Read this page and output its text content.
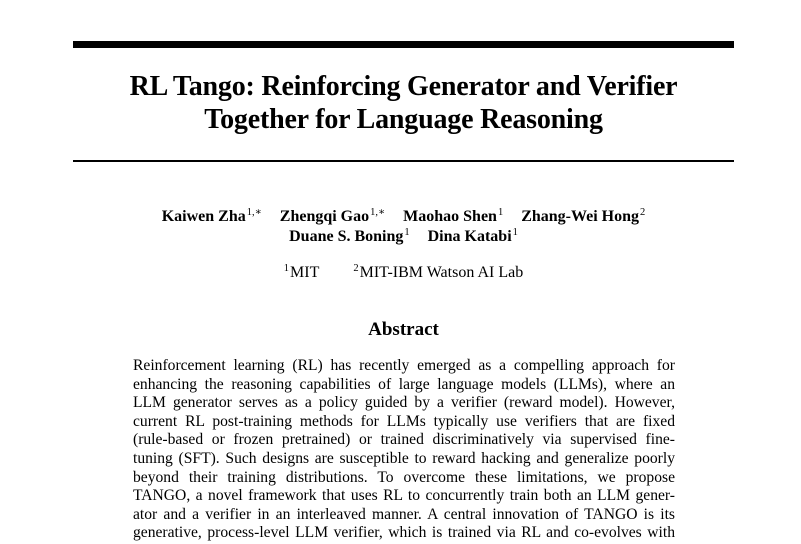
RL Tango: Reinforcing Generator and Verifier
Together for Language Reasoning
Kaiwen Zha$^{1,∗}$ Zhengqi Gao$^{1,∗}$ Maohao Shen$^1$ Zhang-Wei Hong$^2$
Duane S. Boning$^1$ Dina Katabi$^1$
$^1$MIT	$^2$MIT-IBM Watson AI Lab
Abstract
Reinforcement learning (RL) has recently emerged as a compelling approach for
enhancing the reasoning capabilities of large language models (LLMs), where an
LLM generator serves as a policy guided by a verifier (reward model). However,
current RL post-training methods for LLMs typically use verifiers that are fixed
(rule-based or frozen pretrained) or trained discriminatively via supervised fine-
tuning (SFT). Such designs are susceptible to reward hacking and generalize poorly
beyond their training distributions. To overcome these limitations, we propose
TANGO, a novel framework that uses RL to concurrently train both an LLM gener-
ator and a verifier in an interleaved manner. A central innovation of TANGO is its
generative, process-level LLM verifier, which is trained via RL and co-evolves with
